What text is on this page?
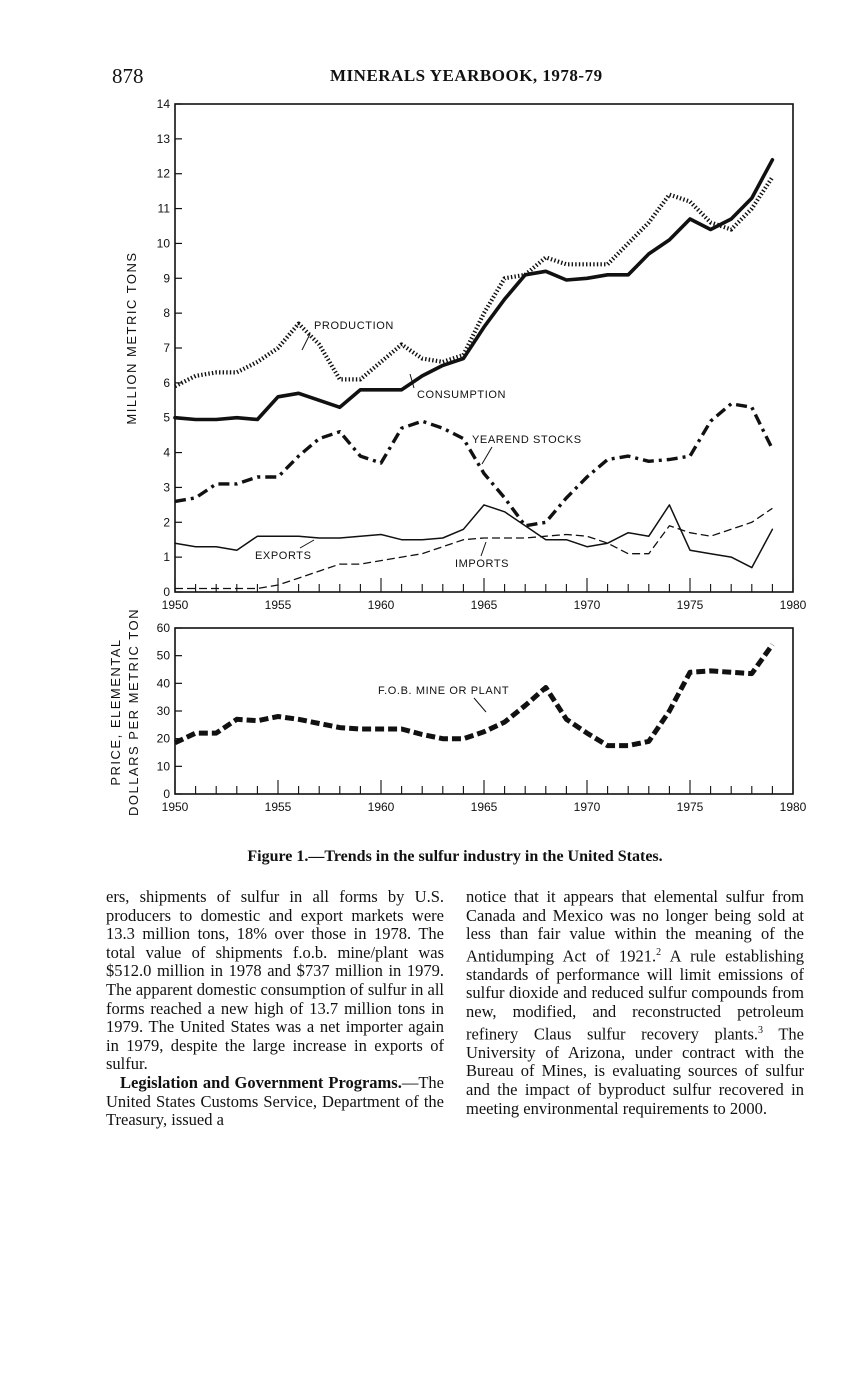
878	MINERALS YEARBOOK, 1978-79
0
1
2
3
4
5
6
7
8
9
10
11
12
13
14
1950	1955	1960	1965	1970	1975	1980
MILLION METRIC TONS	PRODUCTION
CONSUMPTION
YEAREND STOCKS
EXPORTS
IMPORTS
0
10
20
30
40
50
60
1950	1955	1960	1965	1970	1975	1980
PRICE, ELEMENTAL DOLLARS PER METRIC TON	F.O.B. MINE OR PLANT
Figure 1.—Trends in the sulfur industry in the United States.

ers, shipments of sulfur in all forms by U.S. producers to domestic and export markets were 13.3 million tons, 18% over those in 1978. The total value of shipments f.o.b. mine/plant was $512.0 million in 1978 and $737 million in 1979. The apparent domestic consumption of sulfur in all forms reached a new high of 13.7 million tons in 1979. The United States was a net importer again in 1979, despite the large increase in exports of sulfur.

Legislation and Government Programs.—The United States Customs Service, Department of the Treasury, issued a

notice that it appears that elemental sulfur from Canada and Mexico was no longer being sold at less than fair value within the meaning of the Antidumping Act of 1921.$^2$ A rule establishing standards of performance will limit emissions of sulfur dioxide and reduced sulfur compounds from new, modified, and reconstructed petroleum refinery Claus sulfur recovery plants.$^3$ The University of Arizona, under contract with the Bureau of Mines, is evaluating sources of sulfur and the impact of byproduct sulfur recovered in meeting environmental requirements to 2000.
